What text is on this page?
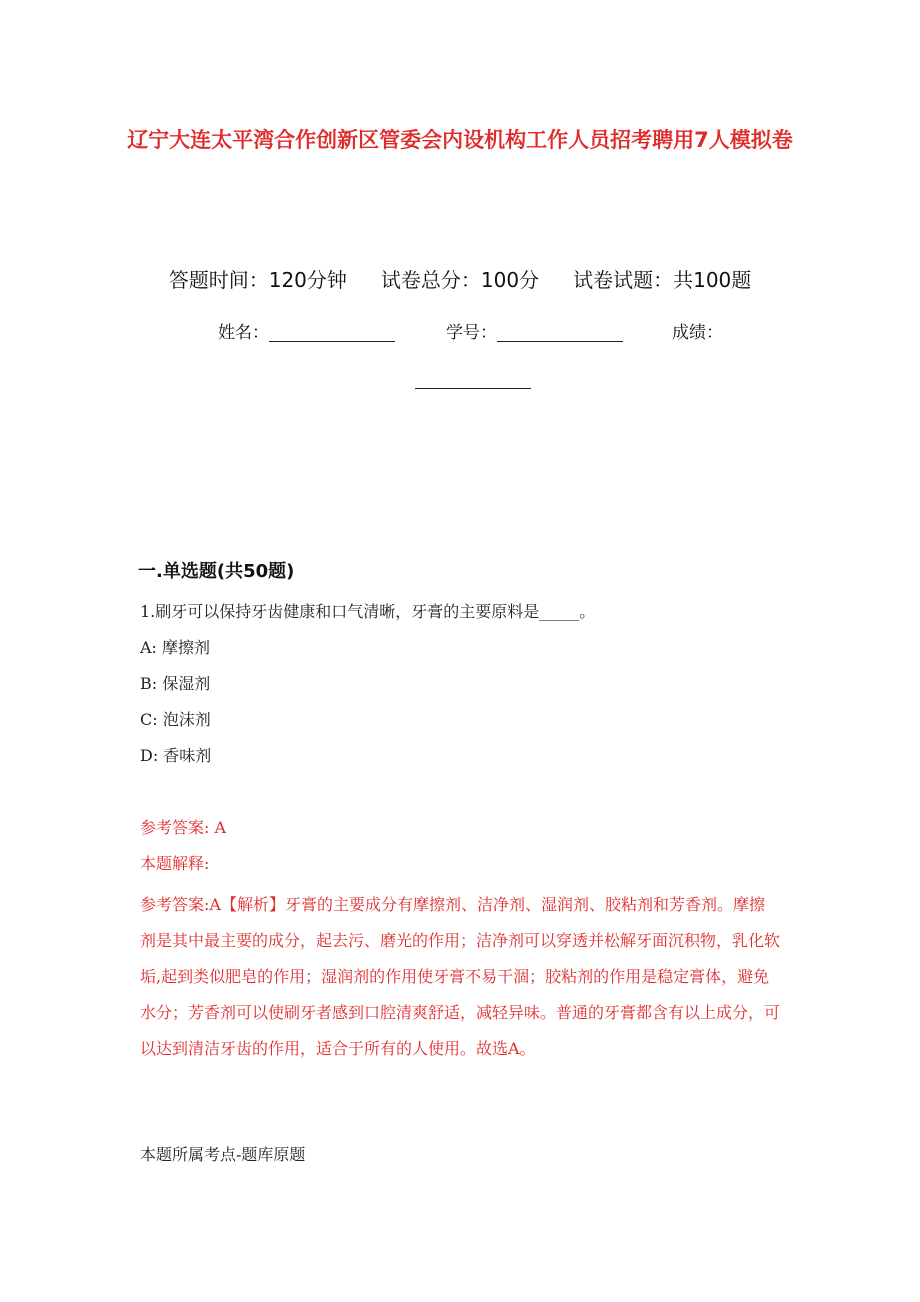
辽宁大连太平湾合作创新区管委会内设机构工作人员招考聘用7人模拟卷
答题时间：120分钟 试卷总分：100分 试卷试题：共100题
姓名：	学号：	成绩：
一.单选题(共50题)
1.刷牙可以保持牙齿健康和口气清晰，牙膏的主要原料是_____。
A: 摩擦剂
B: 保湿剂
C: 泡沫剂
D: 香味剂
参考答案: A
本题解释:
参考答案:A【解析】牙膏的主要成分有摩擦剂、洁净剂、湿润剂、胶粘剂和芳香剂。摩擦剂是其中最主要的成分，起去污、磨光的作用；洁净剂可以穿透并松解牙面沉积物，乳化软垢,起到类似肥皂的作用；湿润剂的作用使牙膏不易干涸；胶粘剂的作用是稳定膏体，避免水分；芳香剂可以使刷牙者感到口腔清爽舒适，减轻异味。普通的牙膏都含有以上成分，可以达到清洁牙齿的作用，适合于所有的人使用。故选A。
本题所属考点-题库原题
